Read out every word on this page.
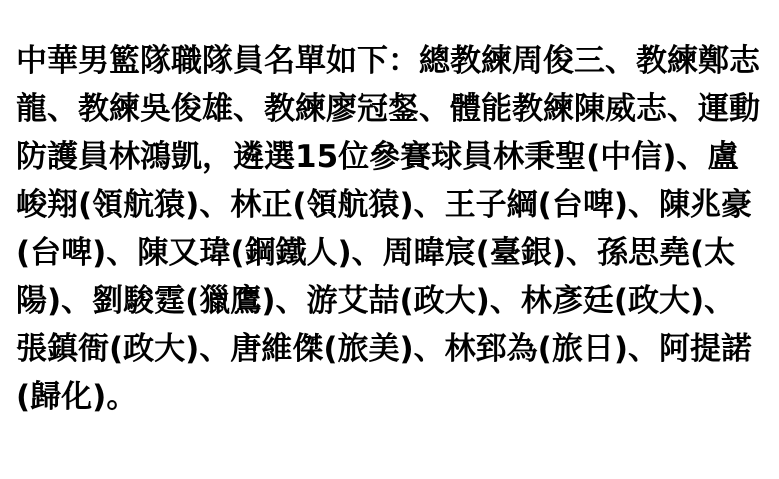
中華男籃隊職隊員名單如下：總教練周俊三、教練鄭志龍、教練吳俊雄、教練廖冠錖、體能教練陳威志、運動防護員林鴻凱，遴選15位參賽球員林秉聖(中信)、盧峻翔(領航猿)、林正(領航猿)、王子綱(台啤)、陳兆豪(台啤)、陳又瑋(鋼鐵人)、周暐宸(臺銀)、孫思堯(太陽)、劉駿霆(獵鷹)、游艾喆(政大)、林彥廷(政大)、張鎮衙(政大)、唐維傑(旅美)、林郅為(旅日)、阿提諾(歸化)。
